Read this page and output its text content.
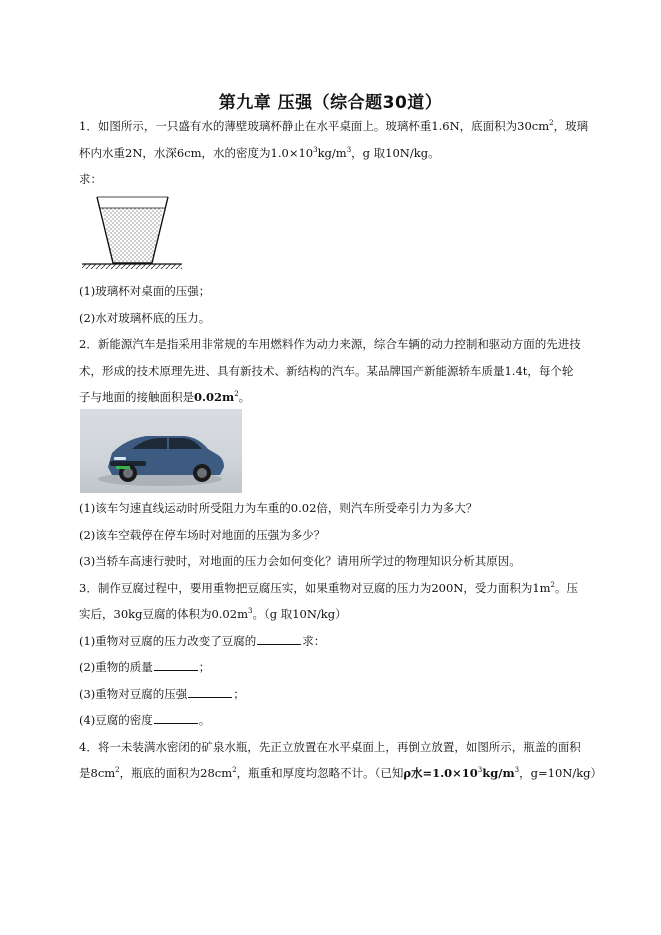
第九章 压强（综合题30道）
1．如图所示，一只盛有水的薄壁玻璃杯静止在水平桌面上。玻璃杯重1.6N，底面积为$30cm^2$，玻璃
杯内水重2N，水深6cm，水的密度为$1.0\times 10^3kg/m^3$，g 取10N/kg。
求：
(1)玻璃杯对桌面的压强；
(2)水对玻璃杯底的压力。
2．新能源汽车是指采用非常规的车用燃料作为动力来源，综合车辆的动力控制和驱动方面的先进技
术，形成的技术原理先进、具有新技术、新结构的汽车。某品牌国产新能源轿车质量1.4t，每个轮
子与地面的接触面积是$0.02m^2$。
(1)该车匀速直线运动时所受阻力为车重的0.02倍，则汽车所受牵引力为多大？
(2)该车空载停在停车场时对地面的压强为多少？
(3)当轿车高速行驶时，对地面的压力会如何变化？请用所学过的物理知识分析其原因。
3．制作豆腐过程中，要用重物把豆腐压实，如果重物对豆腐的压力为200N，受力面积为$1m^2$。压
实后，30kg豆腐的体积为$0.02m^3$。（g 取10N/kg）
(1)重物对豆腐的压力改变了豆腐的	求：
(2)重物的质量	；
(3)重物对豆腐的压强	；
(4)豆腐的密度	。
4．将一未装满水密闭的矿泉水瓶，先正立放置在水平桌面上，再倒立放置，如图所示，瓶盖的面积
是$8cm^2$，瓶底的面积为$28cm^2$，瓶重和厚度均忽略不计。（已知ρ水$=1.0\times 10^3kg/m^3$，g=10N/kg）
